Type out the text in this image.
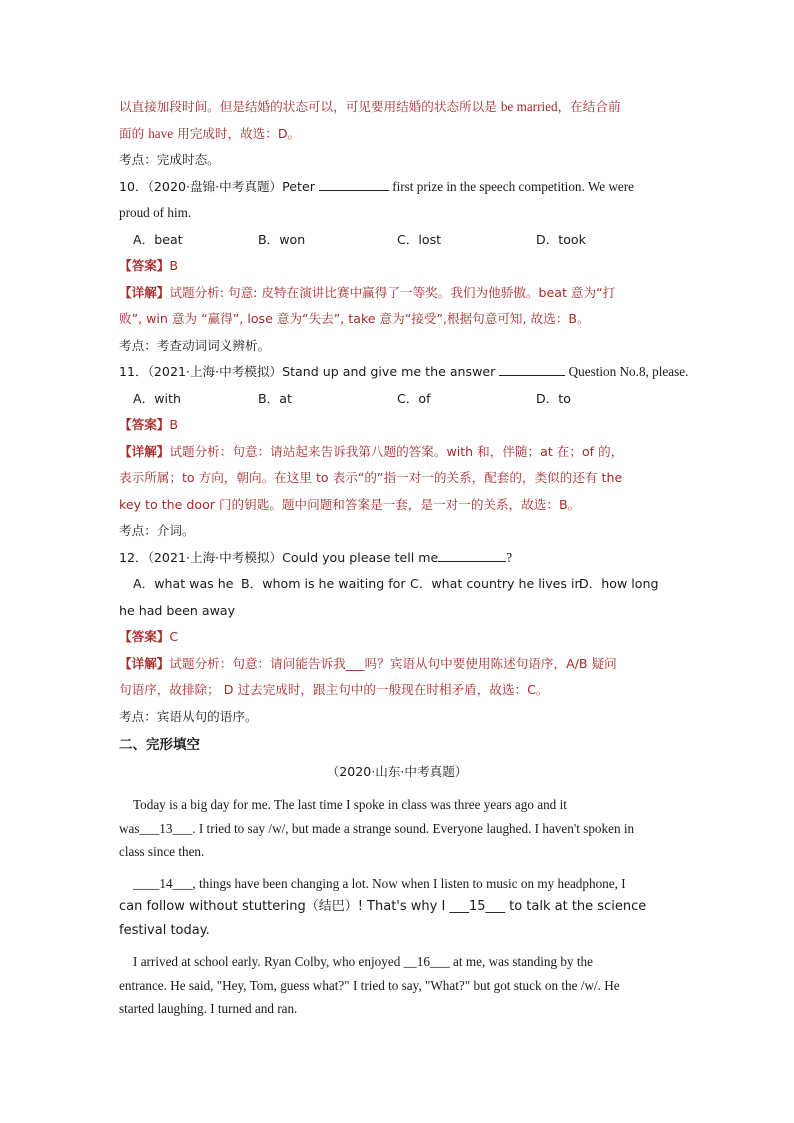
以直接加段时间。但是结婚的状态可以，可见要用结婚的状态所以是 be married，在结合前
面的 have 用完成时，故选：D。
考点：完成时态。
10．（2020·盘锦·中考真题）Peter	first prize in the speech competition. We were
proud of him.
A．beat	B．won	C．lost	D．took
【答案】B
【详解】试题分析: 句意: 皮特在演讲比赛中赢得了一等奖。我们为他骄傲。beat 意为“打
败”, win 意为 “赢得”, lose 意为“失去”, take 意为“接受”,根据句意可知, 故选：B。
考点：考查动词词义辨析。
11．（2021·上海·中考模拟）Stand up and give me the answer	Question No.8, please.
A．with	B．at	C．of	D．to
【答案】B
【详解】试题分析：句意：请站起来告诉我第八题的答案。with 和，伴随；at 在；of 的，
表示所属；to 方向，朝向。在这里 to 表示“的”指一对一的关系，配套的，类似的还有 the
key to the door 门的钥匙。题中问题和答案是一套，是一对一的关系，故选：B。
考点：介词。
12．（2021·上海·中考模拟）Could you please tell me	?
A．what was he B．whom is he waiting for C．what country he lives in
D．how long
he had been away
【答案】C
【详解】试题分析：句意：请问能告诉我___吗？宾语从句中要使用陈述句语序，A/B 疑问
句语序，故排除； D 过去完成时，跟主句中的一般现在时相矛盾，故选：C。
考点：宾语从句的语序。
二、完形填空
（2020·山东·中考真题）
Today is a big day for me. The last time I spoke in class was three years ago and it
was___13___. I tried to say /w/, but made a strange sound. Everyone laughed. I haven't spoken in
class since then.
____14___, things have been changing a lot. Now when I listen to music on my headphone, I
can follow without stuttering（结巴）! That's why I ___15___ to talk at the science festival today.
I arrived at school early. Ryan Colby, who enjoyed __16___ at me, was standing by the
entrance. He said, "Hey, Tom, guess what?" I tried to say, "What?" but got stuck on the /w/. He
started laughing. I turned and ran.
